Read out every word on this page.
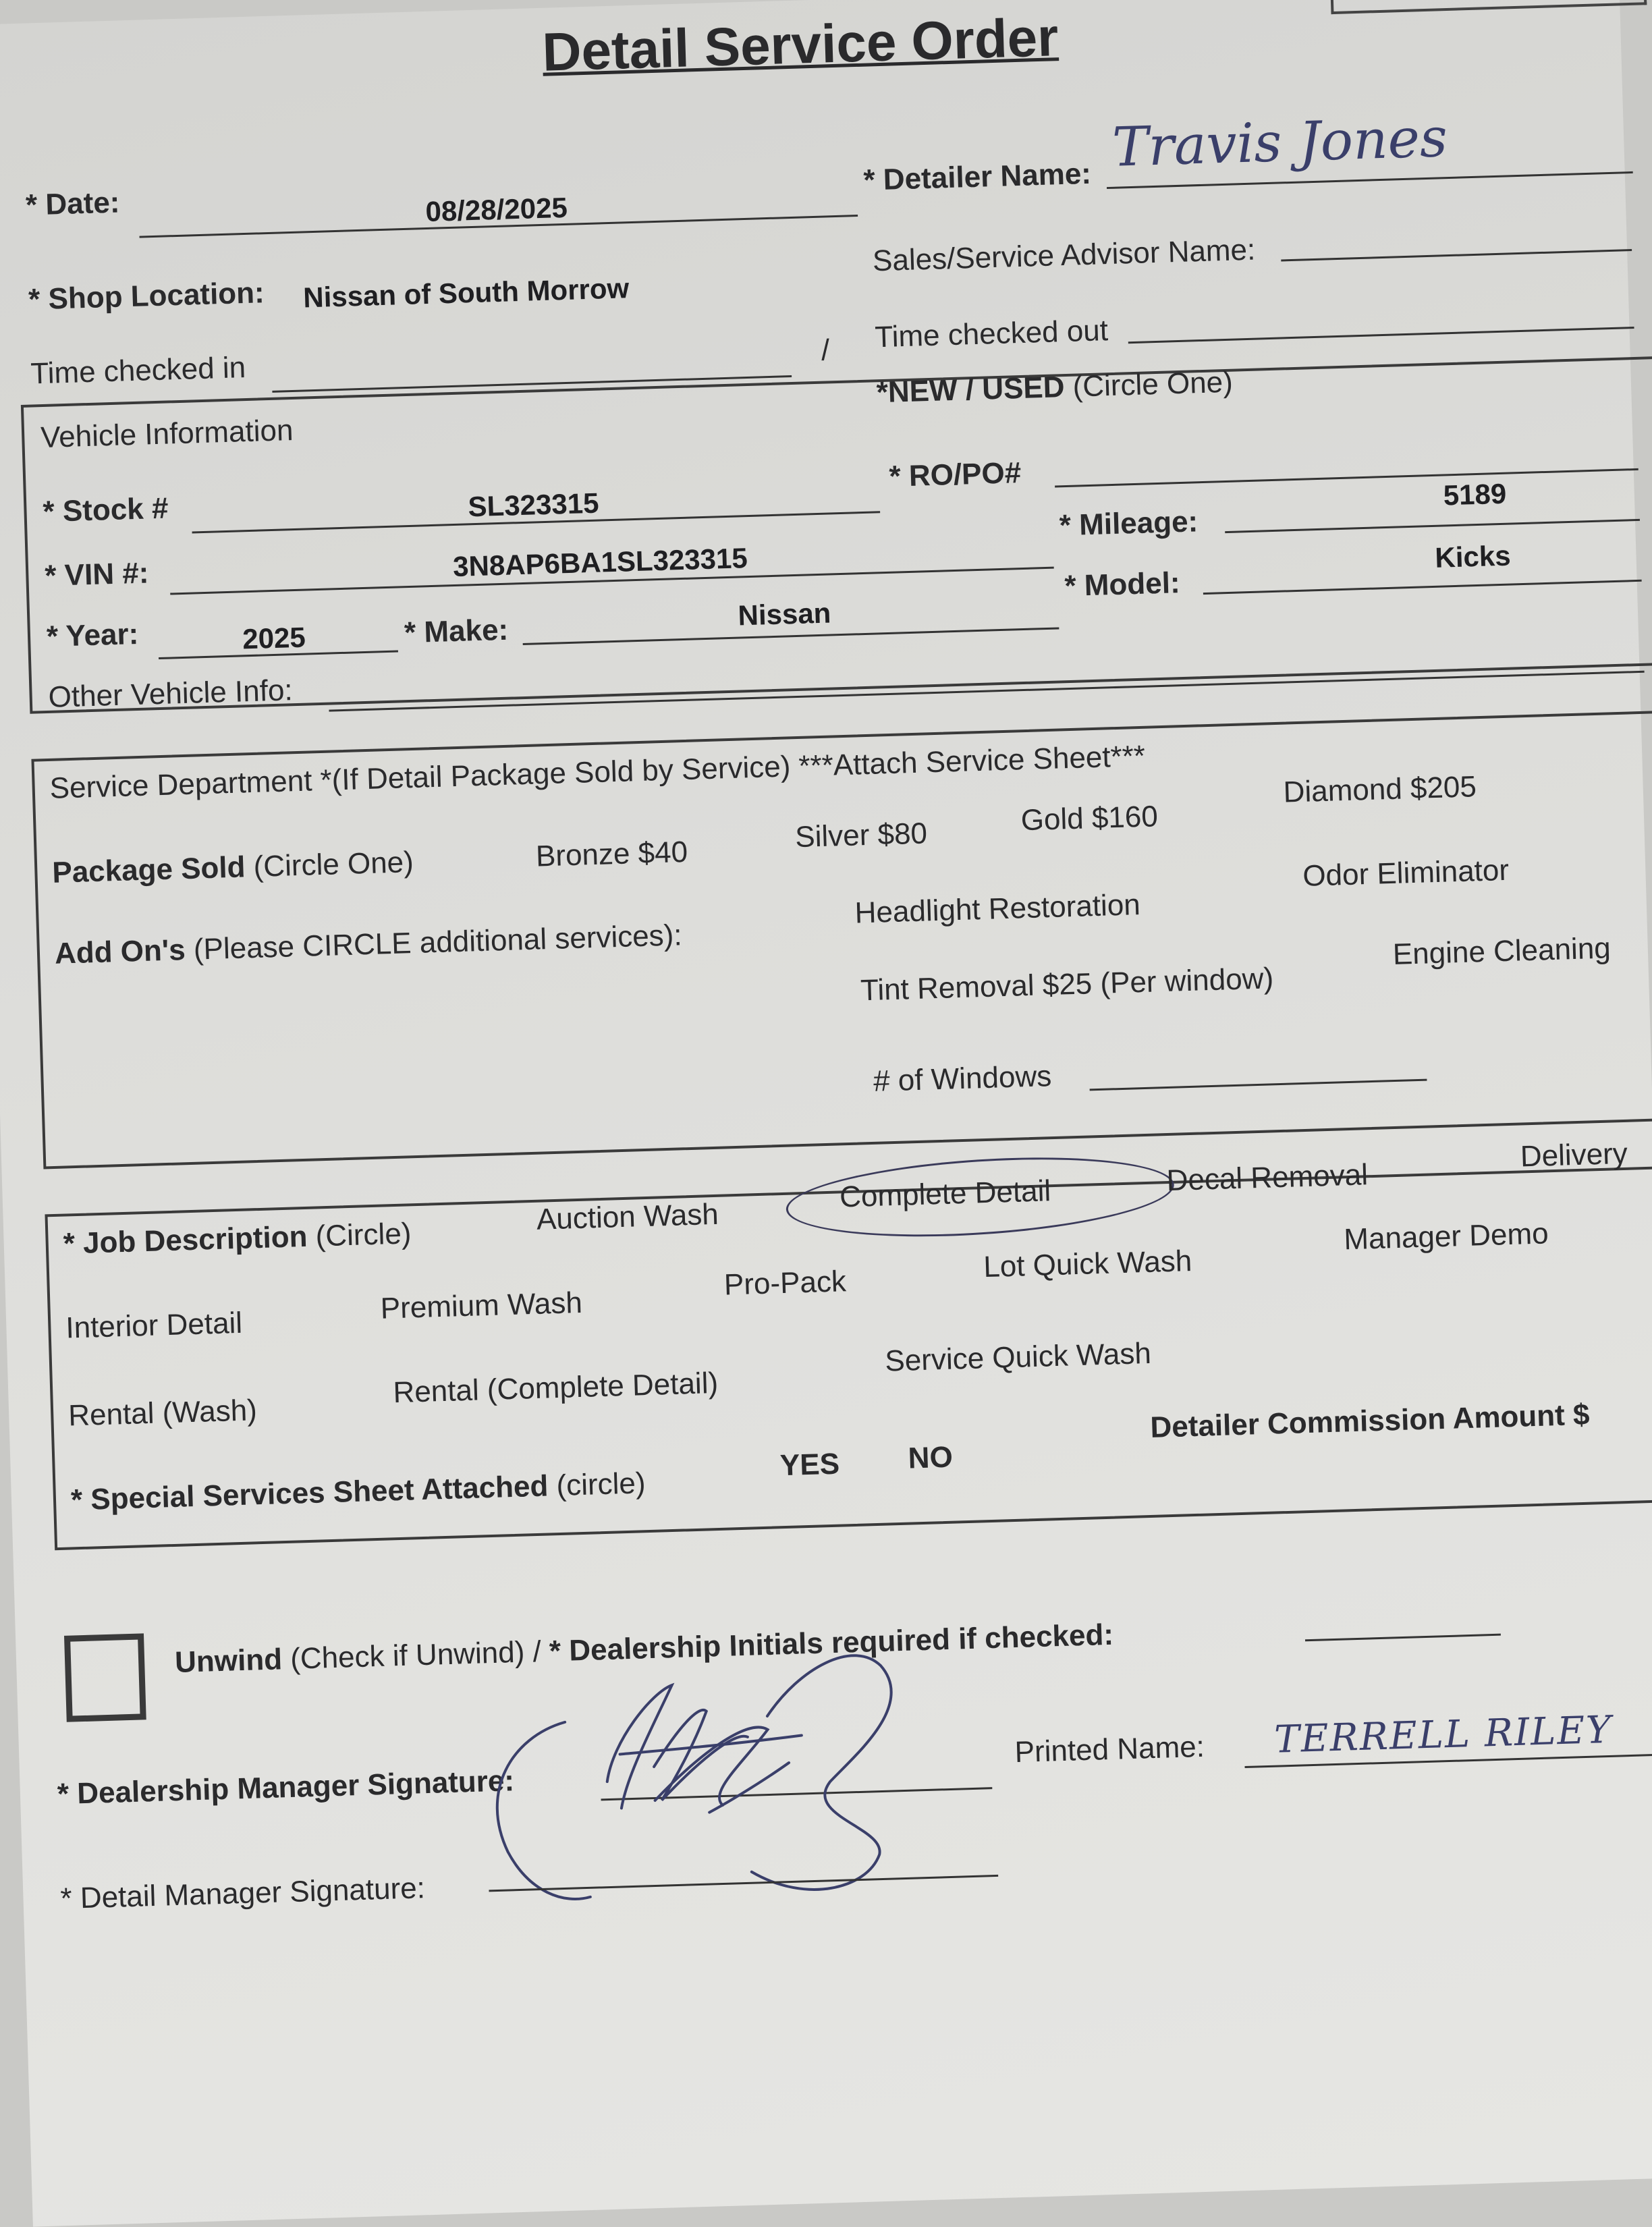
Detail Service Order
* Date:	08/28/2025
* Detailer Name: Travis Jones
* Shop Location: Nissan of South Morrow
Sales/Service Advisor Name:
Time checked in
/ Time checked out
Vehicle Information
*NEW / USED (Circle One)
* Stock #	SL323315
* RO/PO#
* VIN #:	3N8AP6BA1SL323315
* Mileage:
5189
* Model:
Kicks
* Year:	2025	* Make:	Nissan
Other Vehicle Info:
Service Department *(If Detail Package Sold by Service) ***Attach Service Sheet***
Package Sold (Circle One)	Bronze $40
Silver $80	Gold $160
Diamond $205
Add On's (Please CIRCLE additional services):
Headlight Restoration
Odor Eliminator
Tint Removal $25 (Per window)
Engine Cleaning
# of Windows
* Job Description (Circle)	Auction Wash
Complete Detail	Decal Removal
Delivery
Interior Detail
Premium Wash
Pro-Pack	Lot Quick Wash
Manager Demo
Rental (Wash)
Rental (Complete Detail)
Service Quick Wash
* Special Services Sheet Attached (circle)
YES NO
Detailer Commission Amount $
Unwind (Check if Unwind) / * Dealership Initials required if checked:
* Dealership Manager Signature:
Printed Name: TERRELL RILEY
* Detail Manager Signature:
